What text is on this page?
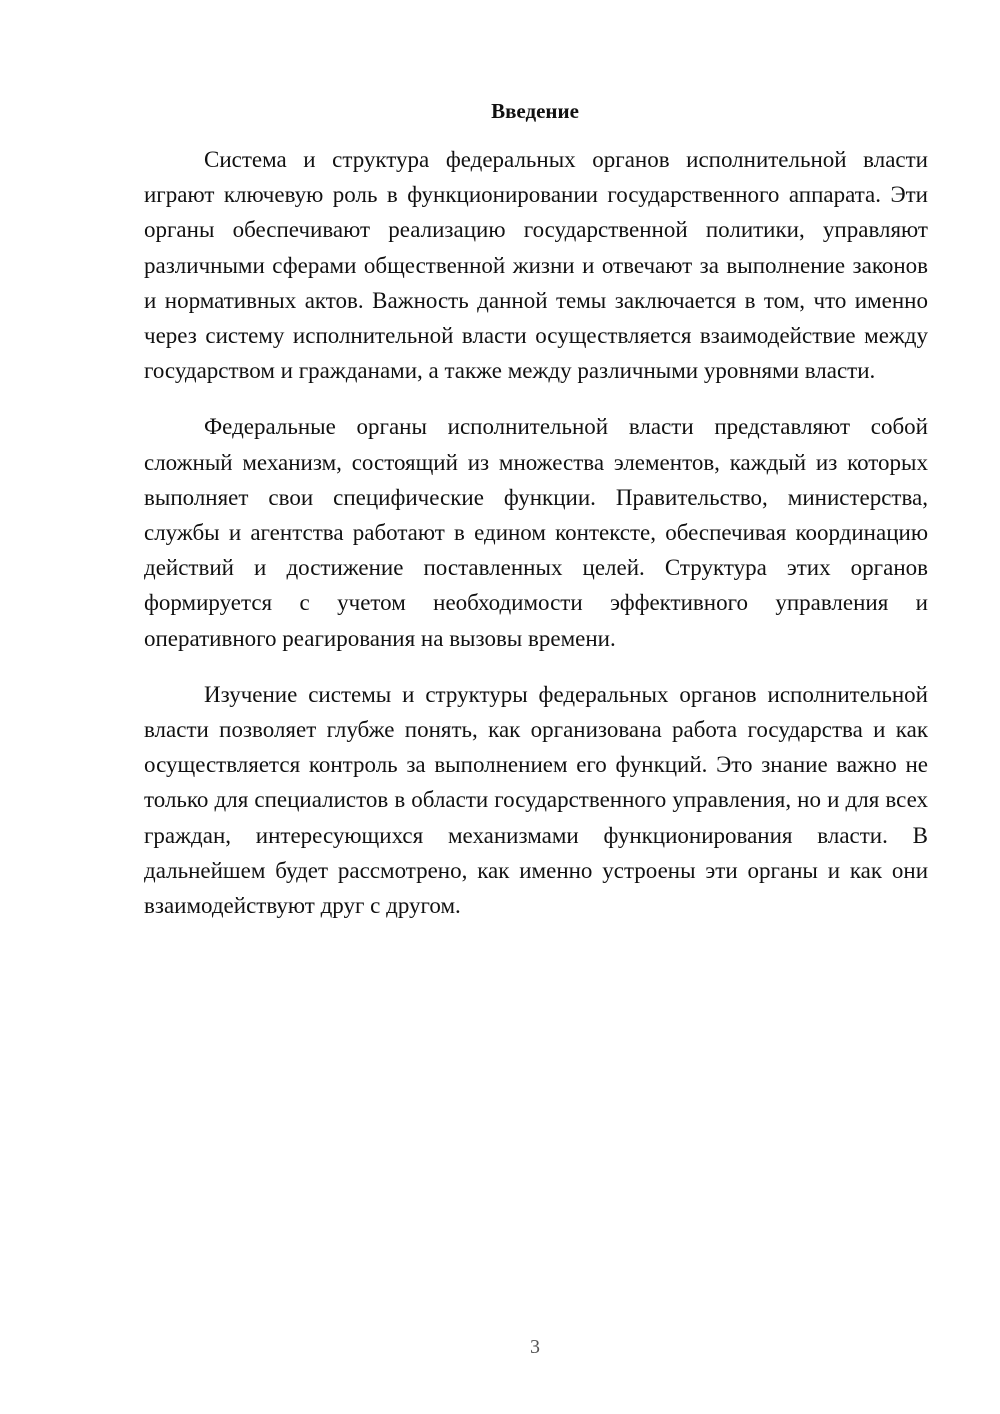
Введение

Система и структура федеральных органов исполнительной власти играют ключевую роль в функционировании государственного аппарата. Эти органы обеспечивают реализацию государственной политики, управляют различными сферами общественной жизни и отвечают за выполнение законов и нормативных актов. Важность данной темы заключается в том, что именно через систему исполнительной власти осуществляется взаимодействие между государством и гражданами, а также между различными уровнями власти.

Федеральные органы исполнительной власти представляют собой сложный механизм, состоящий из множества элементов, каждый из которых выполняет свои специфические функции. Правительство, министерства, службы и агентства работают в едином контексте, обеспечивая координацию действий и достижение поставленных целей. Структура этих органов формируется с учетом необходимости эффективного управления и оперативного реагирования на вызовы времени.

Изучение системы и структуры федеральных органов исполнительной власти позволяет глубже понять, как организована работа государства и как осуществляется контроль за выполнением его функций. Это знание важно не только для специалистов в области государственного управления, но и для всех граждан, интересующихся механизмами функционирования власти. В дальнейшем будет рассмотрено, как именно устроены эти органы и как они взаимодействуют друг с другом.

3
